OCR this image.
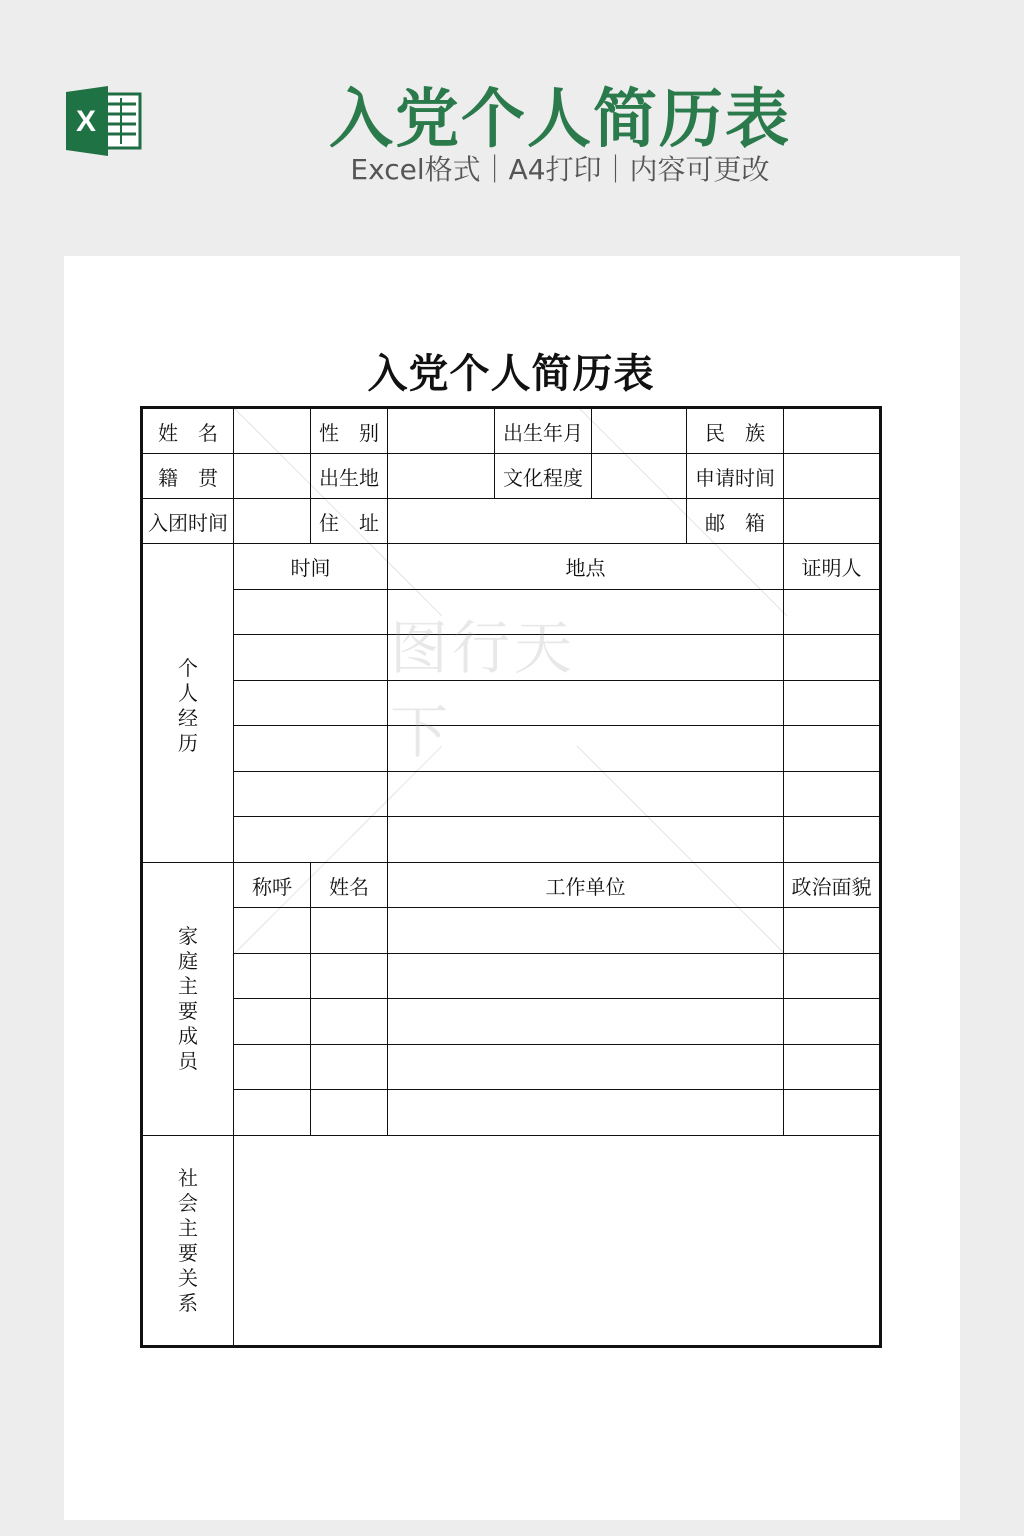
X	入党个人简历表
Excel格式｜A4打印｜内容可更改
入党个人简历表
姓　名	性　别	出生年月	民　族
籍　贯	出生地	文化程度	申请时间
入团时间	住　址	邮　箱
个人经历
时间	地点	证明人
家庭主要成员
称呼	姓名	工作单位	政治面貌
社会主要关系
